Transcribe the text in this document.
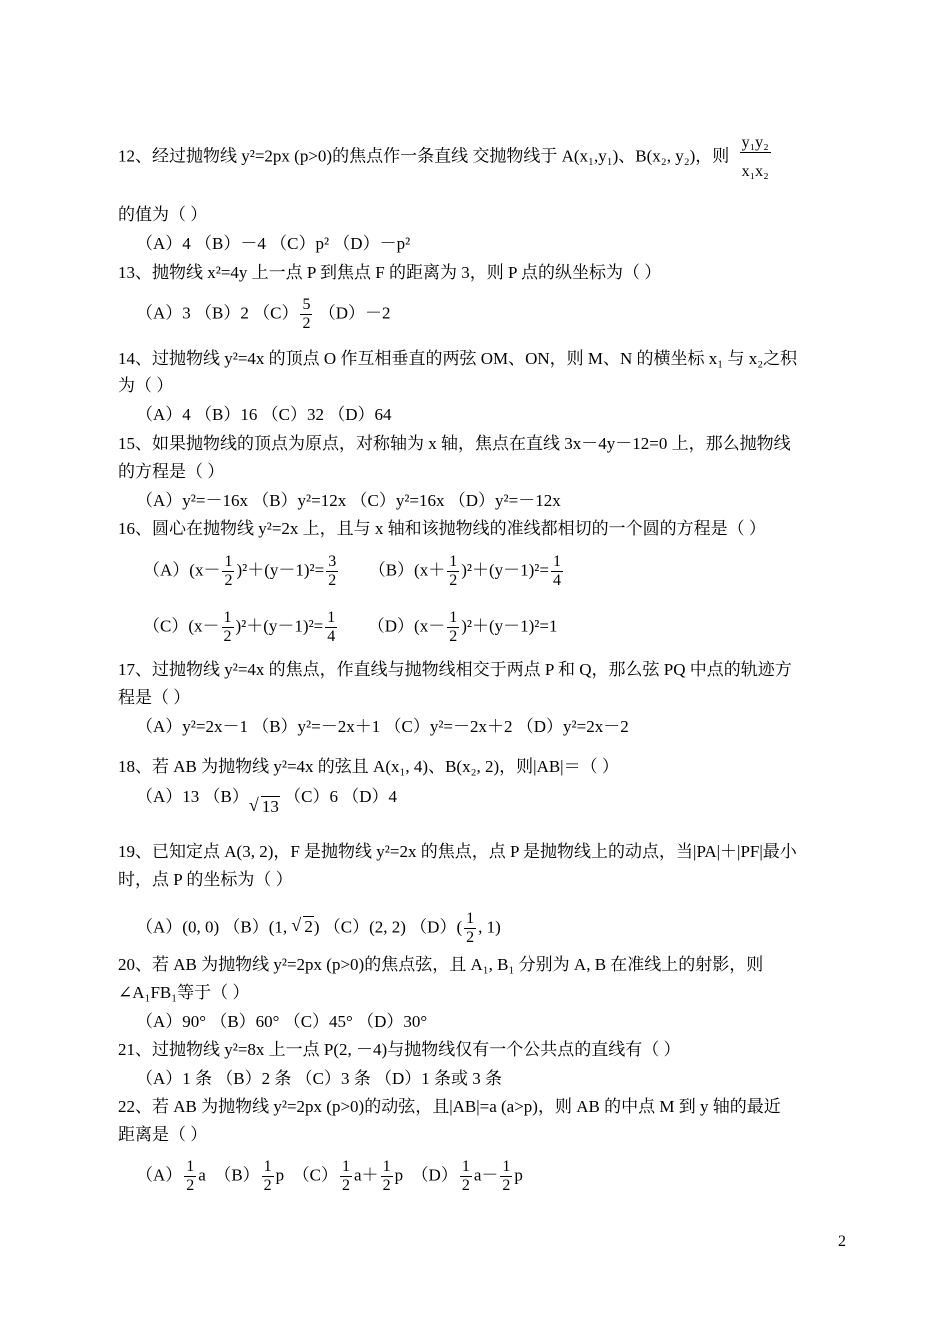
12、经过抛物线 y²=2px (p>0)的焦点作一条直线 交抛物线于 A(x₁,y₁)、B(x₂, y₂)，则 $\frac{\text{y₁y₂}}{\text{x₁x₂}}$
的值为（ ）
（A）4 （B）－4 （C）p² （D）－p²
13、抛物线 x²=4y 上一点 P 到焦点 F 的距离为 3，则 P 点的纵坐标为（ ）
（A）3 （B）2 $(C) \frac{5}{2} (D)-2$
14、过抛物线 y²=4x 的顶点 O 作互相垂直的两弦 OM、ON，则 M、N 的横坐标 x₁ 与 x₂之积
为（ ）
（A）4 （B）16 （C）32 （D）64
15、如果抛物线的顶点为原点，对称轴为 x 轴，焦点在直线 3x－4y－12=0 上，那么抛物线
的方程是（ ）
（A）y²=－16x （B）y²=12x （C）y²=16x （D）y²=－12x
16、圆心在抛物线 y²=2x 上，且与 x 轴和该抛物线的准线都相切的一个圆的方程是（ ）
$(A)(x- \frac{1}{2} )^2+(y-1)^2= \frac{3}{2} (B)(x+ \frac{1}{2} )^2+(y-1)^2= \frac{1}{4}$
$(C)(x- \frac{1}{2} )^2+(y-1)^2= \frac{1}{4} (D)(x- \frac{1}{2} )^2+(y-1)^2=1$
17、过抛物线 y²=4x 的焦点，作直线与抛物线相交于两点 P 和 Q，那么弦 PQ 中点的轨迹方
程是（ ）
（A）y²=2x－1 （B）y²=－2x＋1 （C）y²=－2x＋2 （D）y²=2x－2
18、若 AB 为抛物线 y²=4x 的弦且 A(x₁, 4)、B(x₂, 2)，则|AB|＝（ ）
（A）13 （B） √ 13 （C）6 （D）4
19、已知定点 A(3, 2)，F 是抛物线 y²=2x 的焦点，点 P 是抛物线上的动点，当|PA|＋|PF|最小
时，点 P 的坐标为（ ）
（A）(0, 0) （B）(1, √ 2) （C）(2, 2) $(D)( \frac{1}{2}$ , 1)
20、若 AB 为抛物线 y²=2px (p>0)的焦点弦，且 A₁, B₁ 分别为 A, B 在准线上的射影，则
∠A₁FB₁等于（ ）
（A）90° （B）60° （C）45° （D）30°
21、过抛物线 y²=8x 上一点 P(2, －4)与抛物线仅有一个公共点的直线有（ ）
（A）1 条 （B）2 条 （C）3 条 （D）1 条或 3 条
22、若 AB 为抛物线 y²=2px (p>0)的动弦，且|AB|=a (a>p)，则 AB 的中点 M 到 y 轴的最近
距离是（ ）
$(A) \frac{1}{2}$ a $(B) \frac{1}{2}$ p $(C) \frac{1}{2} a+ \frac{1}{2}$ p $(D) \frac{1}{2} a- \frac{1}{2}$ p
2
